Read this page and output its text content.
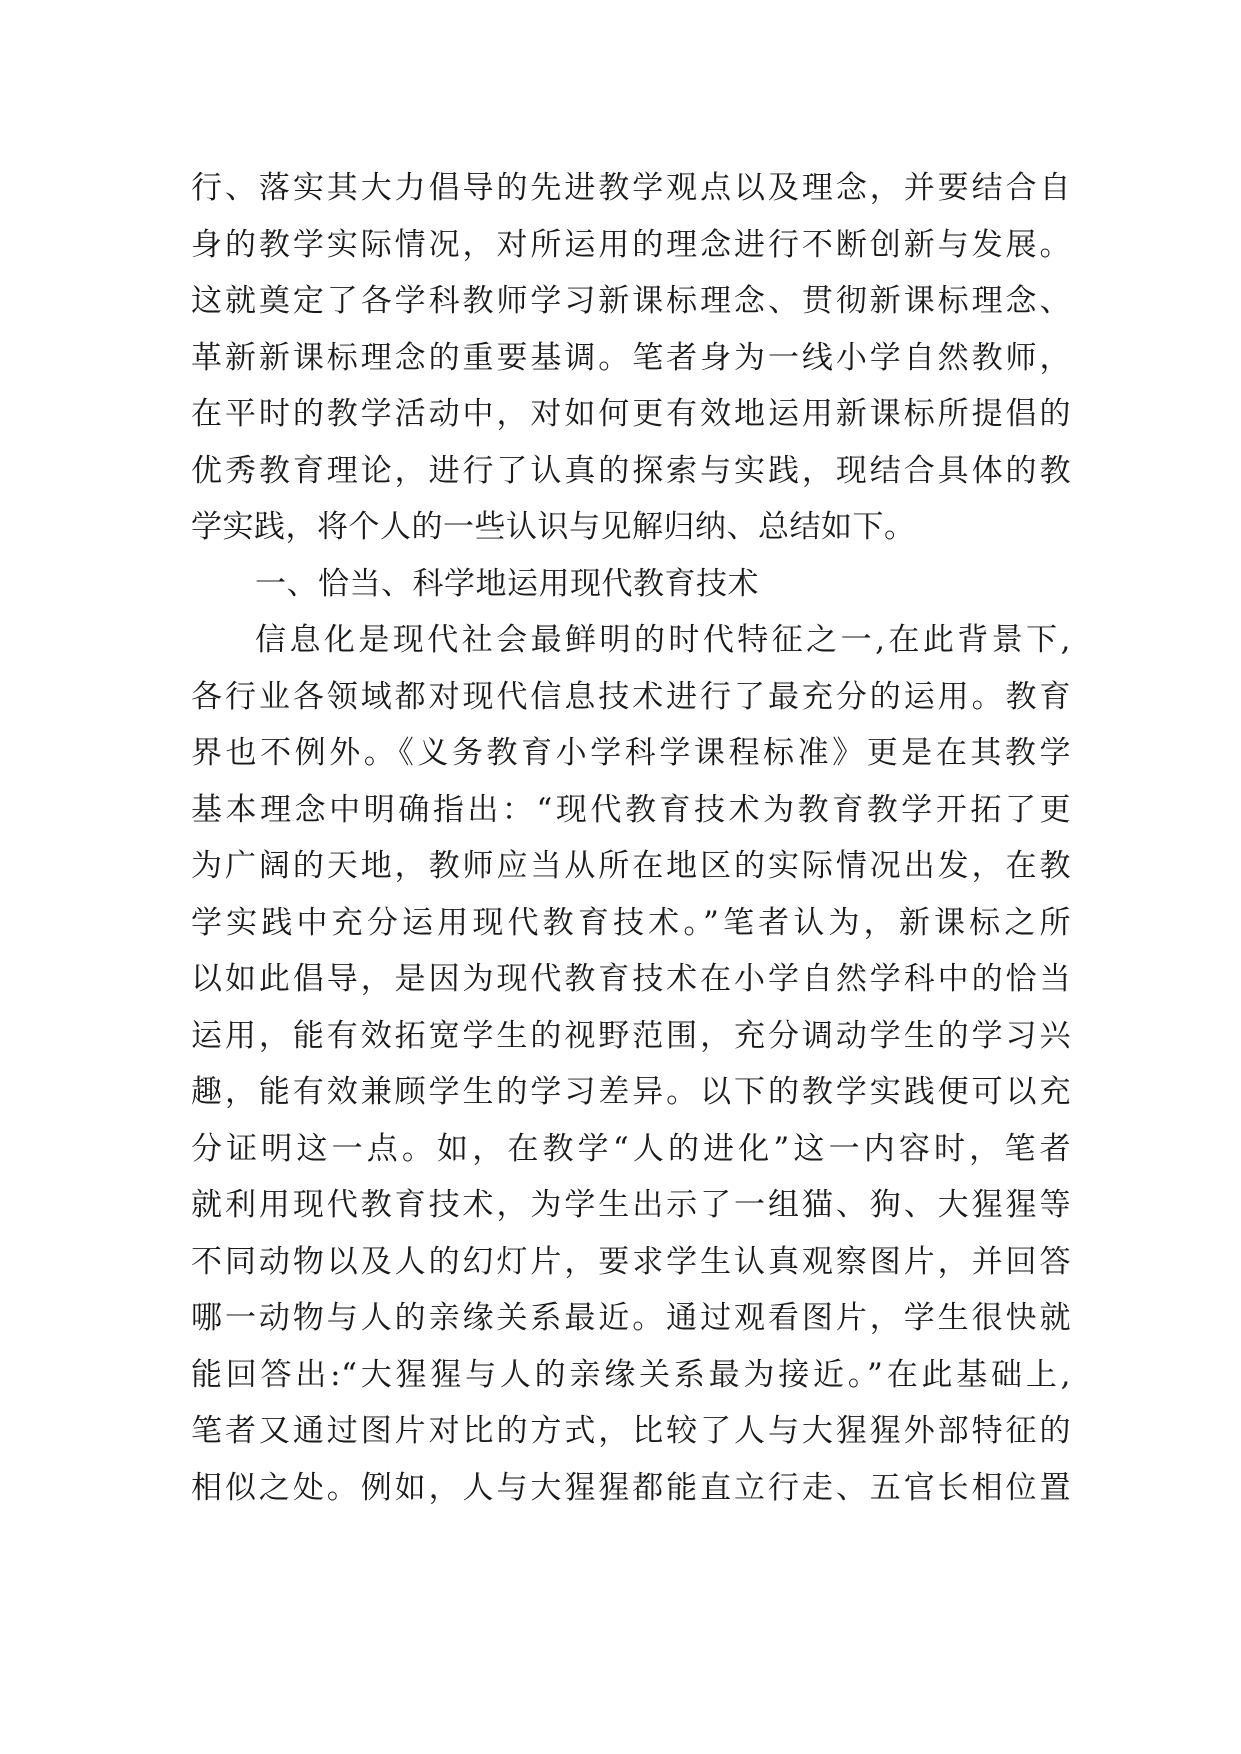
行、落实其大力倡导的先进教学观点以及理念，并要结合自
身的教学实际情况，对所运用的理念进行不断创新与发展。
这就奠定了各学科教师学习新课标理念、贯彻新课标理念、
革新新课标理念的重要基调。笔者身为一线小学自然教师，
在平时的教学活动中，对如何更有效地运用新课标所提倡的
优秀教育理论，进行了认真的探索与实践，现结合具体的教
学实践，将个人的一些认识与见解归纳、总结如下。
一、恰当、科学地运用现代教育技术
信息化是现代社会最鲜明的时代特征之一,在此背景下,
各行业各领域都对现代信息技术进行了最充分的运用。教育
界也不例外。《义务教育小学科学课程标准》更是在其教学
基本理念中明确指出：“现代教育技术为教育教学开拓了更
为广阔的天地，教师应当从所在地区的实际情况出发，在教
学实践中充分运用现代教育技术。”笔者认为，新课标之所
以如此倡导，是因为现代教育技术在小学自然学科中的恰当
运用，能有效拓宽学生的视野范围，充分调动学生的学习兴
趣，能有效兼顾学生的学习差异。以下的教学实践便可以充
分证明这一点。如，在教学“人的进化”这一内容时，笔者
就利用现代教育技术，为学生出示了一组猫、狗、大猩猩等
不同动物以及人的幻灯片，要求学生认真观察图片，并回答
哪一动物与人的亲缘关系最近。通过观看图片，学生很快就
能回答出:“大猩猩与人的亲缘关系最为接近。”在此基础上,
笔者又通过图片对比的方式，比较了人与大猩猩外部特征的
相似之处。例如，人与大猩猩都能直立行走、五官长相位置
